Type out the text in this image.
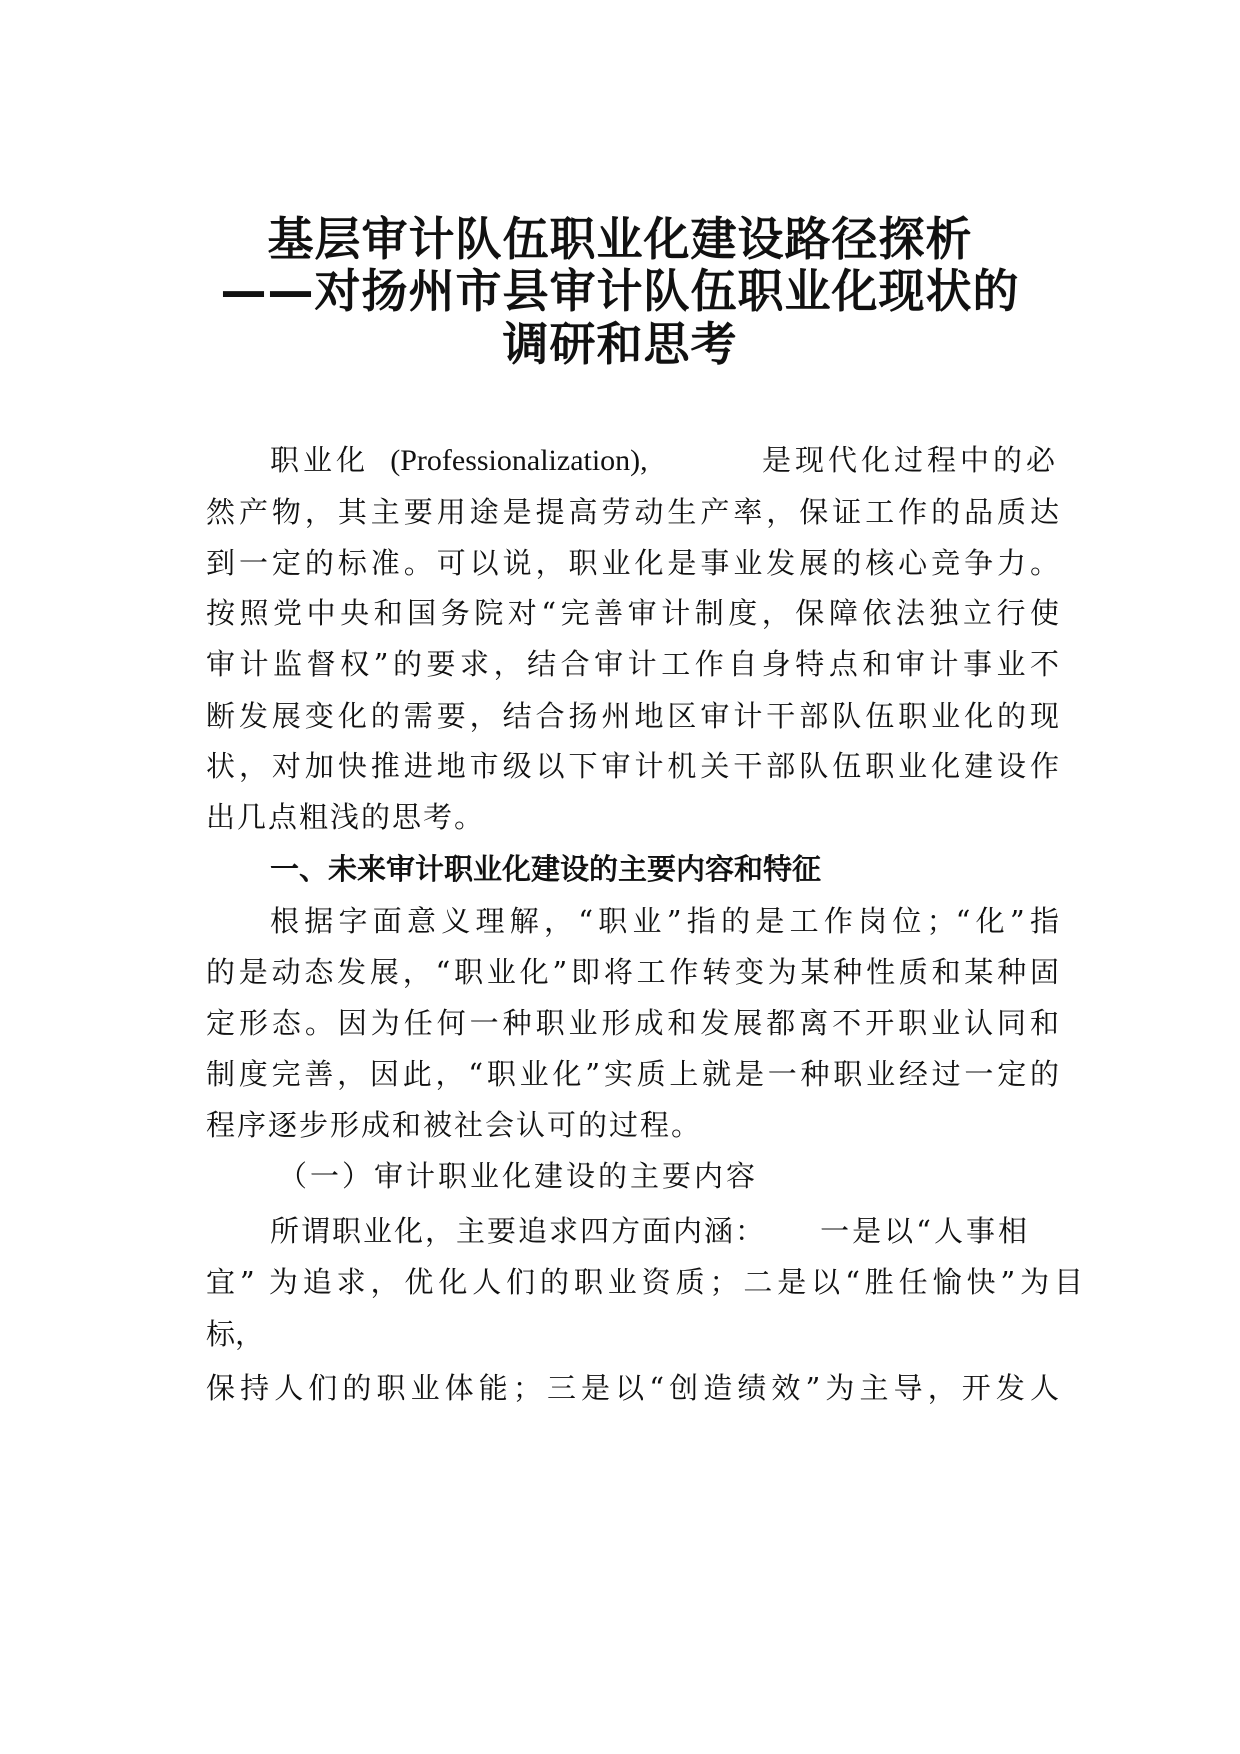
基层审计队伍职业化建设路径探析
——对扬州市县审计队伍职业化现状的
调研和思考

职业化 (Professionalization),	是现代化过程中的必

然产物，其主要用途是提高劳动生产率，保证工作的品质达

到一定的标准。可以说，职业化是事业发展的核心竞争力。

按照党中央和国务院对“完善审计制度，保障依法独立行使

审计监督权”的要求，结合审计工作自身特点和审计事业不

断发展变化的需要，结合扬州地区审计干部队伍职业化的现

状，对加快推进地市级以下审计机关干部队伍职业化建设作

出几点粗浅的思考。

一、未来审计职业化建设的主要内容和特征

根据字面意义理解，“职业”指的是工作岗位；“化”指

的是动态发展，“职业化”即将工作转变为某种性质和某种固

定形态。因为任何一种职业形成和发展都离不开职业认同和

制度完善，因此，“职业化”实质上就是一种职业经过一定的

程序逐步形成和被社会认可的过程。

（一）审计职业化建设的主要内容

所谓职业化，主要追求四方面内涵： 一是以“人事相

宜” 为追求，优化人们的职业资质；二是以“胜任愉快”为目

标，

保持人们的职业体能；三是以“创造绩效”为主导，开发人
